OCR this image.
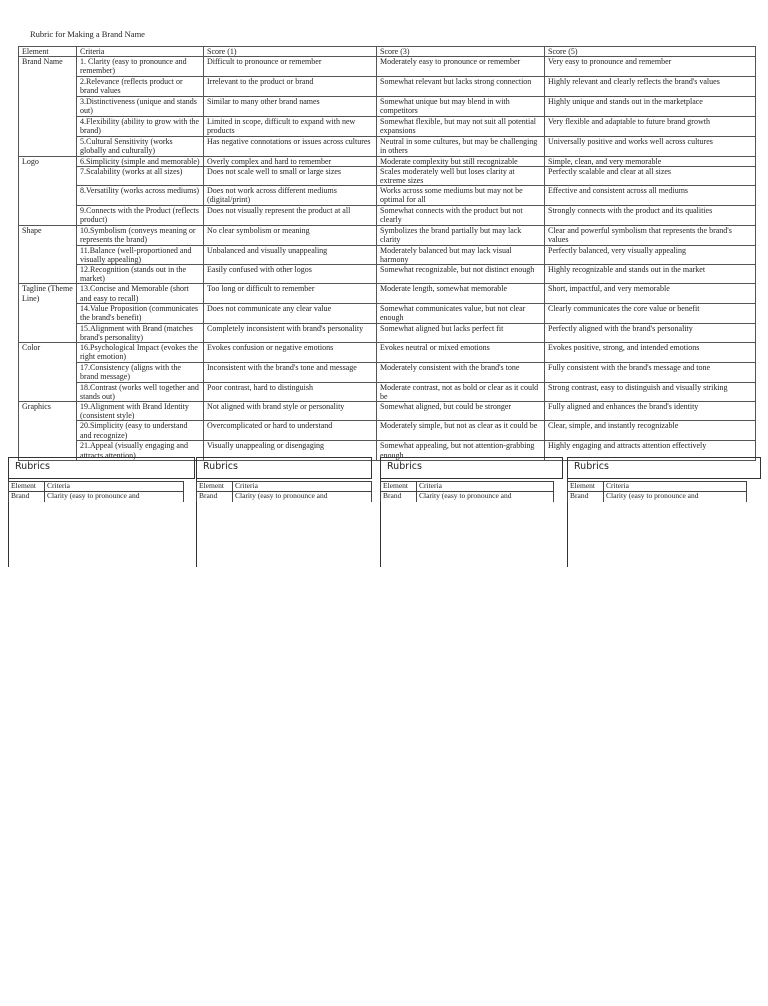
Rubric for Making a Brand Name
Element	Criteria	Score (1)	Score (3)	Score (5)
Brand Name	1. Clarity (easy to pronounce and remember)	Difficult to pronounce or remember	Moderately easy to pronounce or remember	Very easy to pronounce and remember
	2.Relevance (reflects product or brand values	Irrelevant to the product or brand	Somewhat relevant but lacks strong connection	Highly relevant and clearly reflects the brand's values
	3.Distinctiveness (unique and stands out)	Similar to many other brand names	Somewhat unique but may blend in with competitors	Highly unique and stands out in the marketplace
	4.Flexibility (ability to grow with the brand)	Limited in scope, difficult to expand with new products	Somewhat flexible, but may not suit all potential expansions	Very flexible and adaptable to future brand growth
	5.Cultural Sensitivity (works globally and culturally)	Has negative connotations or issues across cultures	Neutral in some cultures, but may be challenging in others	Universally positive and works well across cultures
Logo	6.Simplicity (simple and memorable)	Overly complex and hard to remember	Moderate complexity but still recognizable	Simple, clean, and very memorable
	7.Scalability (works at all sizes)	Does not scale well to small or large sizes	Scales moderately well but loses clarity at extreme sizes	Perfectly scalable and clear at all sizes
	8.Versatility (works across mediums)	Does not work across different mediums (digital/print)	Works across some mediums but may not be optimal for all	Effective and consistent across all mediums
	9.Connects with the Product (reflects product)	Does not visually represent the product at all	Somewhat connects with the product but not clearly	Strongly connects with the product and its qualities
Shape	10.Symbolism (conveys meaning or represents the brand)	No clear symbolism or meaning	Symbolizes the brand partially but may lack clarity	Clear and powerful symbolism that represents the brand's values
	11.Balance (well-proportioned and visually appealing)	Unbalanced and visually unappealing	Moderately balanced but may lack visual harmony	Perfectly balanced, very visually appealing
	12.Recognition (stands out in the market)	Easily confused with other logos	Somewhat recognizable, but not distinct enough	Highly recognizable and stands out in the market
Tagline (Theme Line)	13.Concise and Memorable (short and easy to recall)	Too long or difficult to remember	Moderate length, somewhat memorable	Short, impactful, and very memorable
	14.Value Proposition (communicates the brand's benefit)	Does not communicate any clear value	Somewhat communicates value, but not clear enough	Clearly communicates the core value or benefit
	15.Alignment with Brand (matches brand's personality)	Completely inconsistent with brand's personality	Somewhat aligned but lacks perfect fit	Perfectly aligned with the brand's personality
Color	16.Psychological Impact (evokes the right emotion)	Evokes confusion or negative emotions	Evokes neutral or mixed emotions	Evokes positive, strong, and intended emotions
	17.Consistency (aligns with the brand message)	Inconsistent with the brand's tone and message	Moderately consistent with the brand's tone	Fully consistent with the brand's message and tone
	18.Contrast (works well together and stands out)	Poor contrast, hard to distinguish	Moderate contrast, not as bold or clear as it could be	Strong contrast, easy to distinguish and visually striking
Graphics	19.Alignment with Brand Identity (consistent style)	Not aligned with brand style or personality	Somewhat aligned, but could be stronger	Fully aligned and enhances the brand's identity
	20.Simplicity (easy to understand and recognize)	Overcomplicated or hard to understand	Moderately simple, but not as clear as it could be	Clear, simple, and instantly recognizable
	21.Appeal (visually engaging and attracts attention)	Visually unappealing or disengaging	Somewhat appealing, but not attention-grabbing enough	Highly engaging and attracts attention effectively
Rubrics
Element	Criteria
Brand	Clarity (easy to pronounce and
Rubrics
Element	Criteria
Brand	Clarity (easy to pronounce and
Rubrics
Element	Criteria
Brand	Clarity (easy to pronounce and
Rubrics
Element	Criteria
Brand	Clarity (easy to pronounce and
